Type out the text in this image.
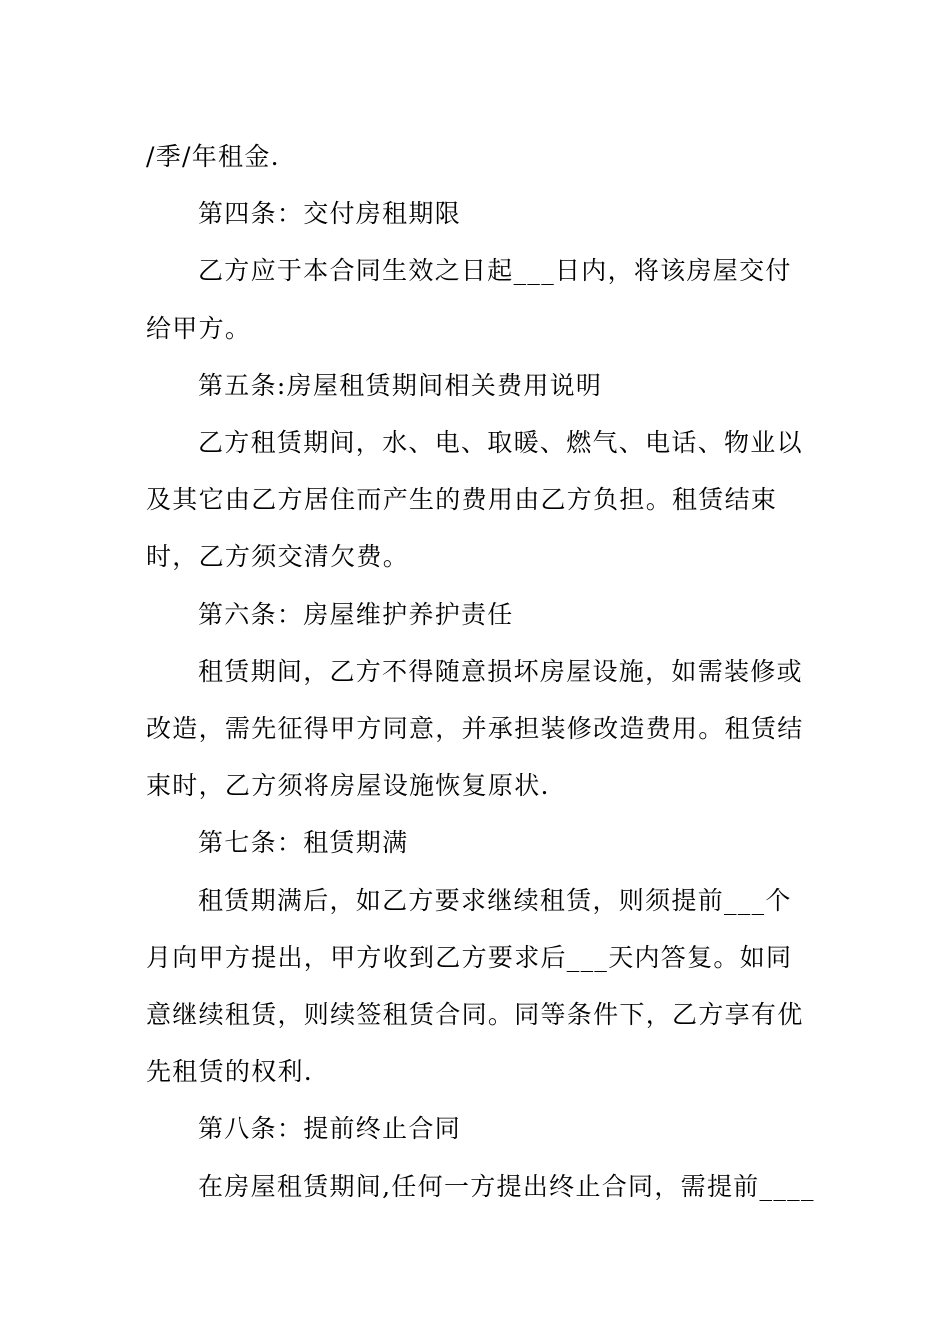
/季/年租金.

第四条：交付房租期限

乙方应于本合同生效之日起___日内，将该房屋交付给甲方。

第五条:房屋租赁期间相关费用说明

乙方租赁期间，水、电、取暖、燃气、电话、物业以及其它由乙方居住而产生的费用由乙方负担。租赁结束时，乙方须交清欠费。

第六条：房屋维护养护责任

租赁期间，乙方不得随意损坏房屋设施，如需装修或改造，需先征得甲方同意，并承担装修改造费用。租赁结束时，乙方须将房屋设施恢复原状.

第七条：租赁期满

租赁期满后，如乙方要求继续租赁，则须提前___个月向甲方提出，甲方收到乙方要求后___天内答复。如同意继续租赁，则续签租赁合同。同等条件下，乙方享有优先租赁的权利.

第八条：提前终止合同

在房屋租赁期间,任何一方提出终止合同，需提前____
